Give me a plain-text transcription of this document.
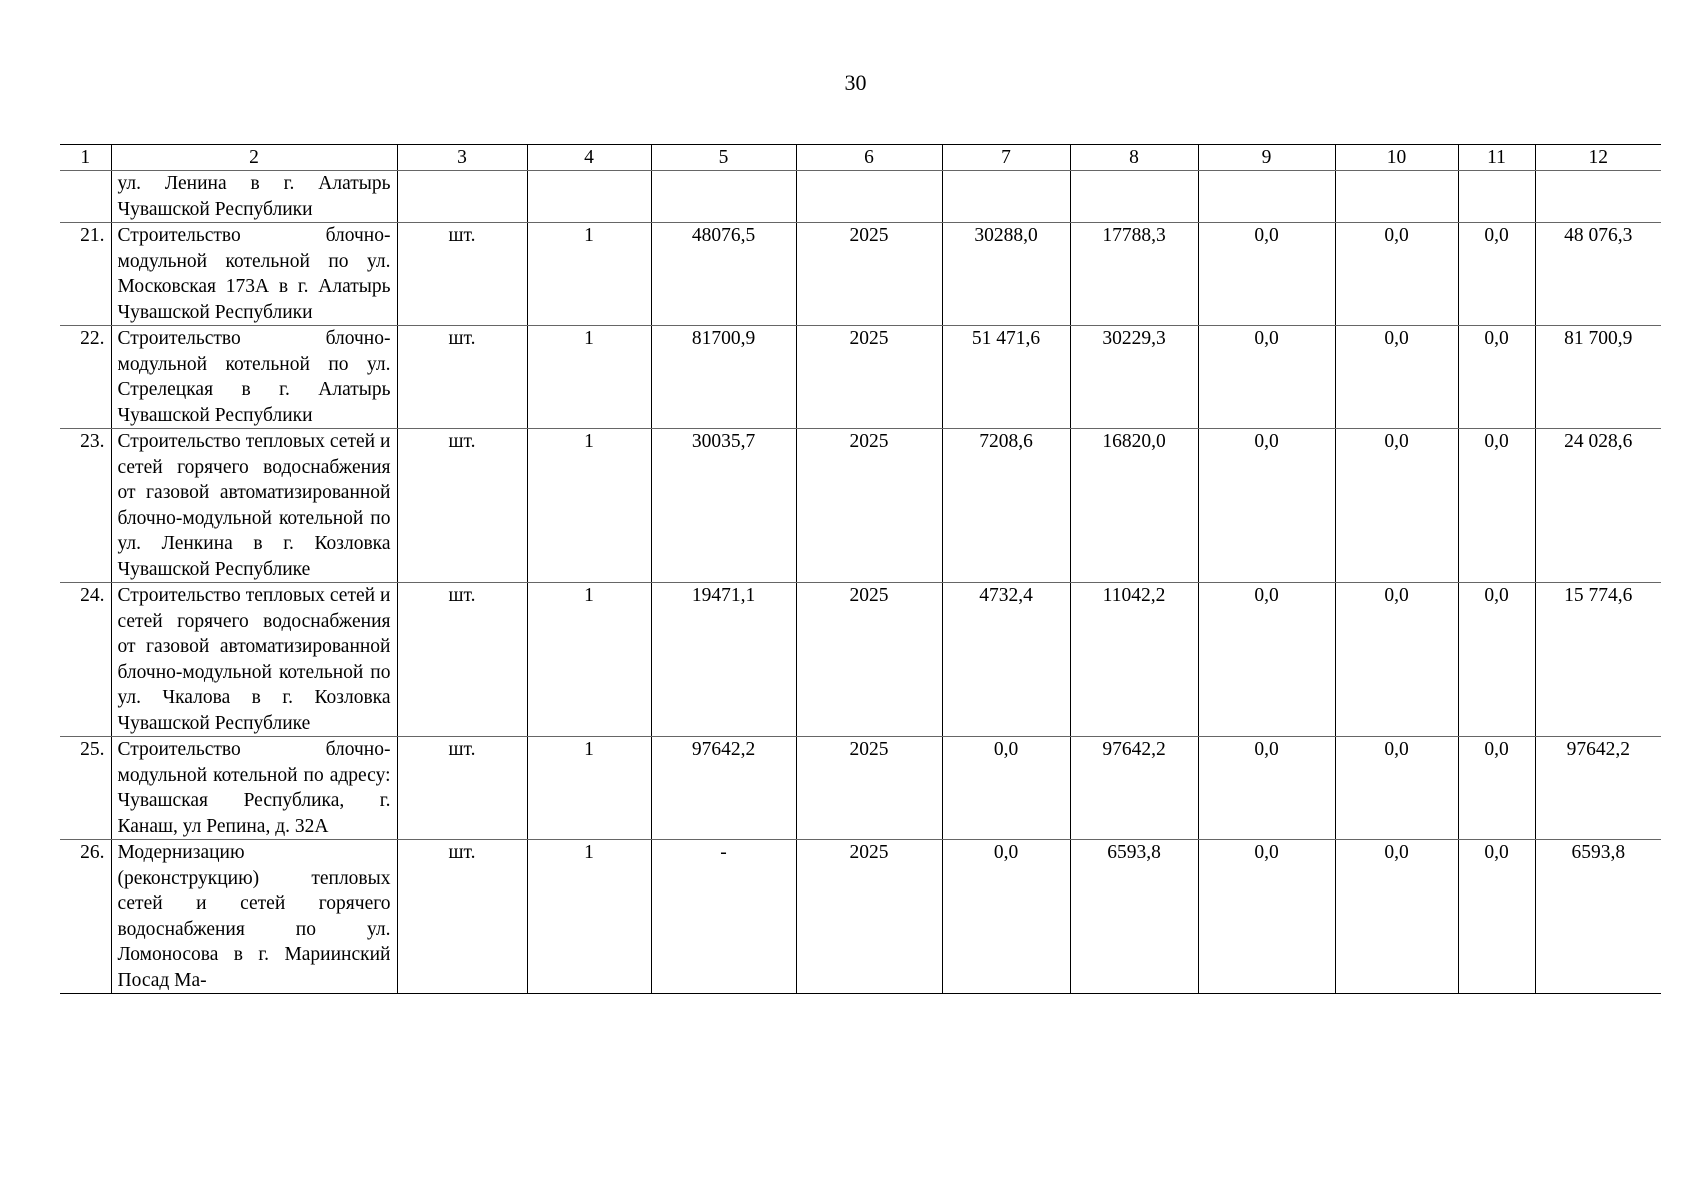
30
1	2	3	4	5	6	7	8	9	10	11	12
	ул. Ленина в г. Алатырь Чувашской Республики										
21.	Строительство блочно-модульной котельной по ул. Московская 173А в г. Алатырь Чувашской Республики	шт.	1	48076,5	2025	30288,0	17788,3	0,0	0,0	0,0	48 076,3
22.	Строительство блочно-модульной котельной по ул. Стрелецкая в г. Алатырь Чувашской Республики	шт.	1	81700,9	2025	51 471,6	30229,3	0,0	0,0	0,0	81 700,9
23.	Строительство тепловых сетей и сетей горячего водоснабжения от газовой автоматизированной блочно-модульной котельной по ул. Ленкина в г. Козловка Чувашской Республике	шт.	1	30035,7	2025	7208,6	16820,0	0,0	0,0	0,0	24 028,6
24.	Строительство тепловых сетей и сетей горячего водоснабжения от газовой автоматизированной блочно-модульной котельной по ул. Чкалова в г. Козловка Чувашской Республике	шт.	1	19471,1	2025	4732,4	11042,2	0,0	0,0	0,0	15 774,6
25.	Строительство блочно-модульной котельной по адресу: Чувашская Республика, г. Канаш, ул Репина, д. 32А	шт.	1	97642,2	2025	0,0	97642,2	0,0	0,0	0,0	97642,2
26.	Модернизацию (реконструкцию) тепловых сетей и сетей горячего водоснабжения по ул. Ломоносова в г. Мариинский Посад Ма-	шт.	1	-	2025	0,0	6593,8	0,0	0,0	0,0	6593,8
